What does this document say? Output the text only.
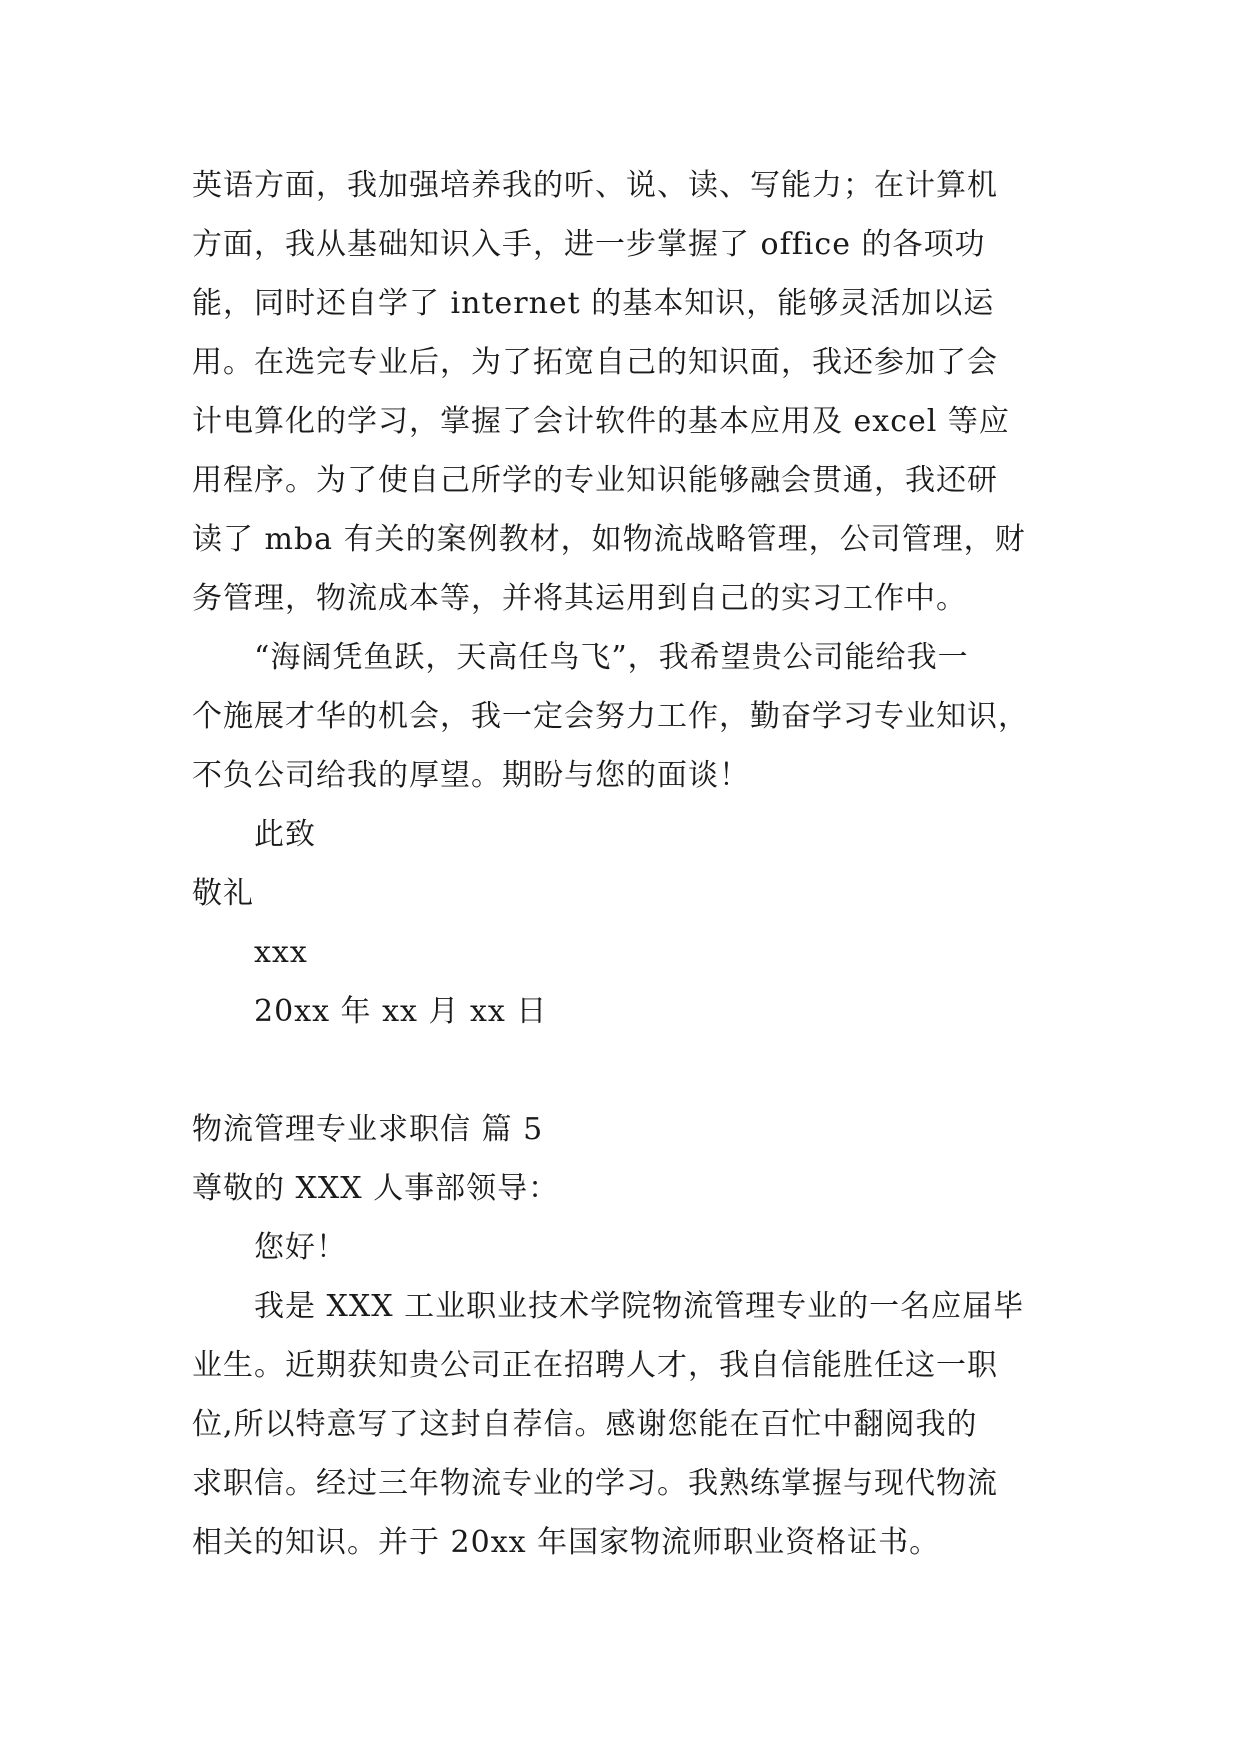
英语方面，我加强培养我的听、说、读、写能力；在计算机
方面，我从基础知识入手，进一步掌握了 office 的各项功
能，同时还自学了 internet 的基本知识，能够灵活加以运
用。在选完专业后，为了拓宽自己的知识面，我还参加了会
计电算化的学习，掌握了会计软件的基本应用及 excel 等应
用程序。为了使自己所学的专业知识能够融会贯通，我还研
读了 mba 有关的案例教材，如物流战略管理，公司管理，财
务管理，物流成本等，并将其运用到自己的实习工作中。
“海阔凭鱼跃，天高任鸟飞”，我希望贵公司能给我一
个施展才华的机会，我一定会努力工作，勤奋学习专业知识，
不负公司给我的厚望。期盼与您的面谈！
此致
敬礼
xxx
20xx 年 xx 月 xx 日
物流管理专业求职信 篇 5
尊敬的 XXX 人事部领导：
您好！
我是 XXX 工业职业技术学院物流管理专业的一名应届毕
业生。近期获知贵公司正在招聘人才，我自信能胜任这一职
位,所以特意写了这封自荐信。感谢您能在百忙中翻阅我的
求职信。经过三年物流专业的学习。我熟练掌握与现代物流
相关的知识。并于 20xx 年国家物流师职业资格证书。
